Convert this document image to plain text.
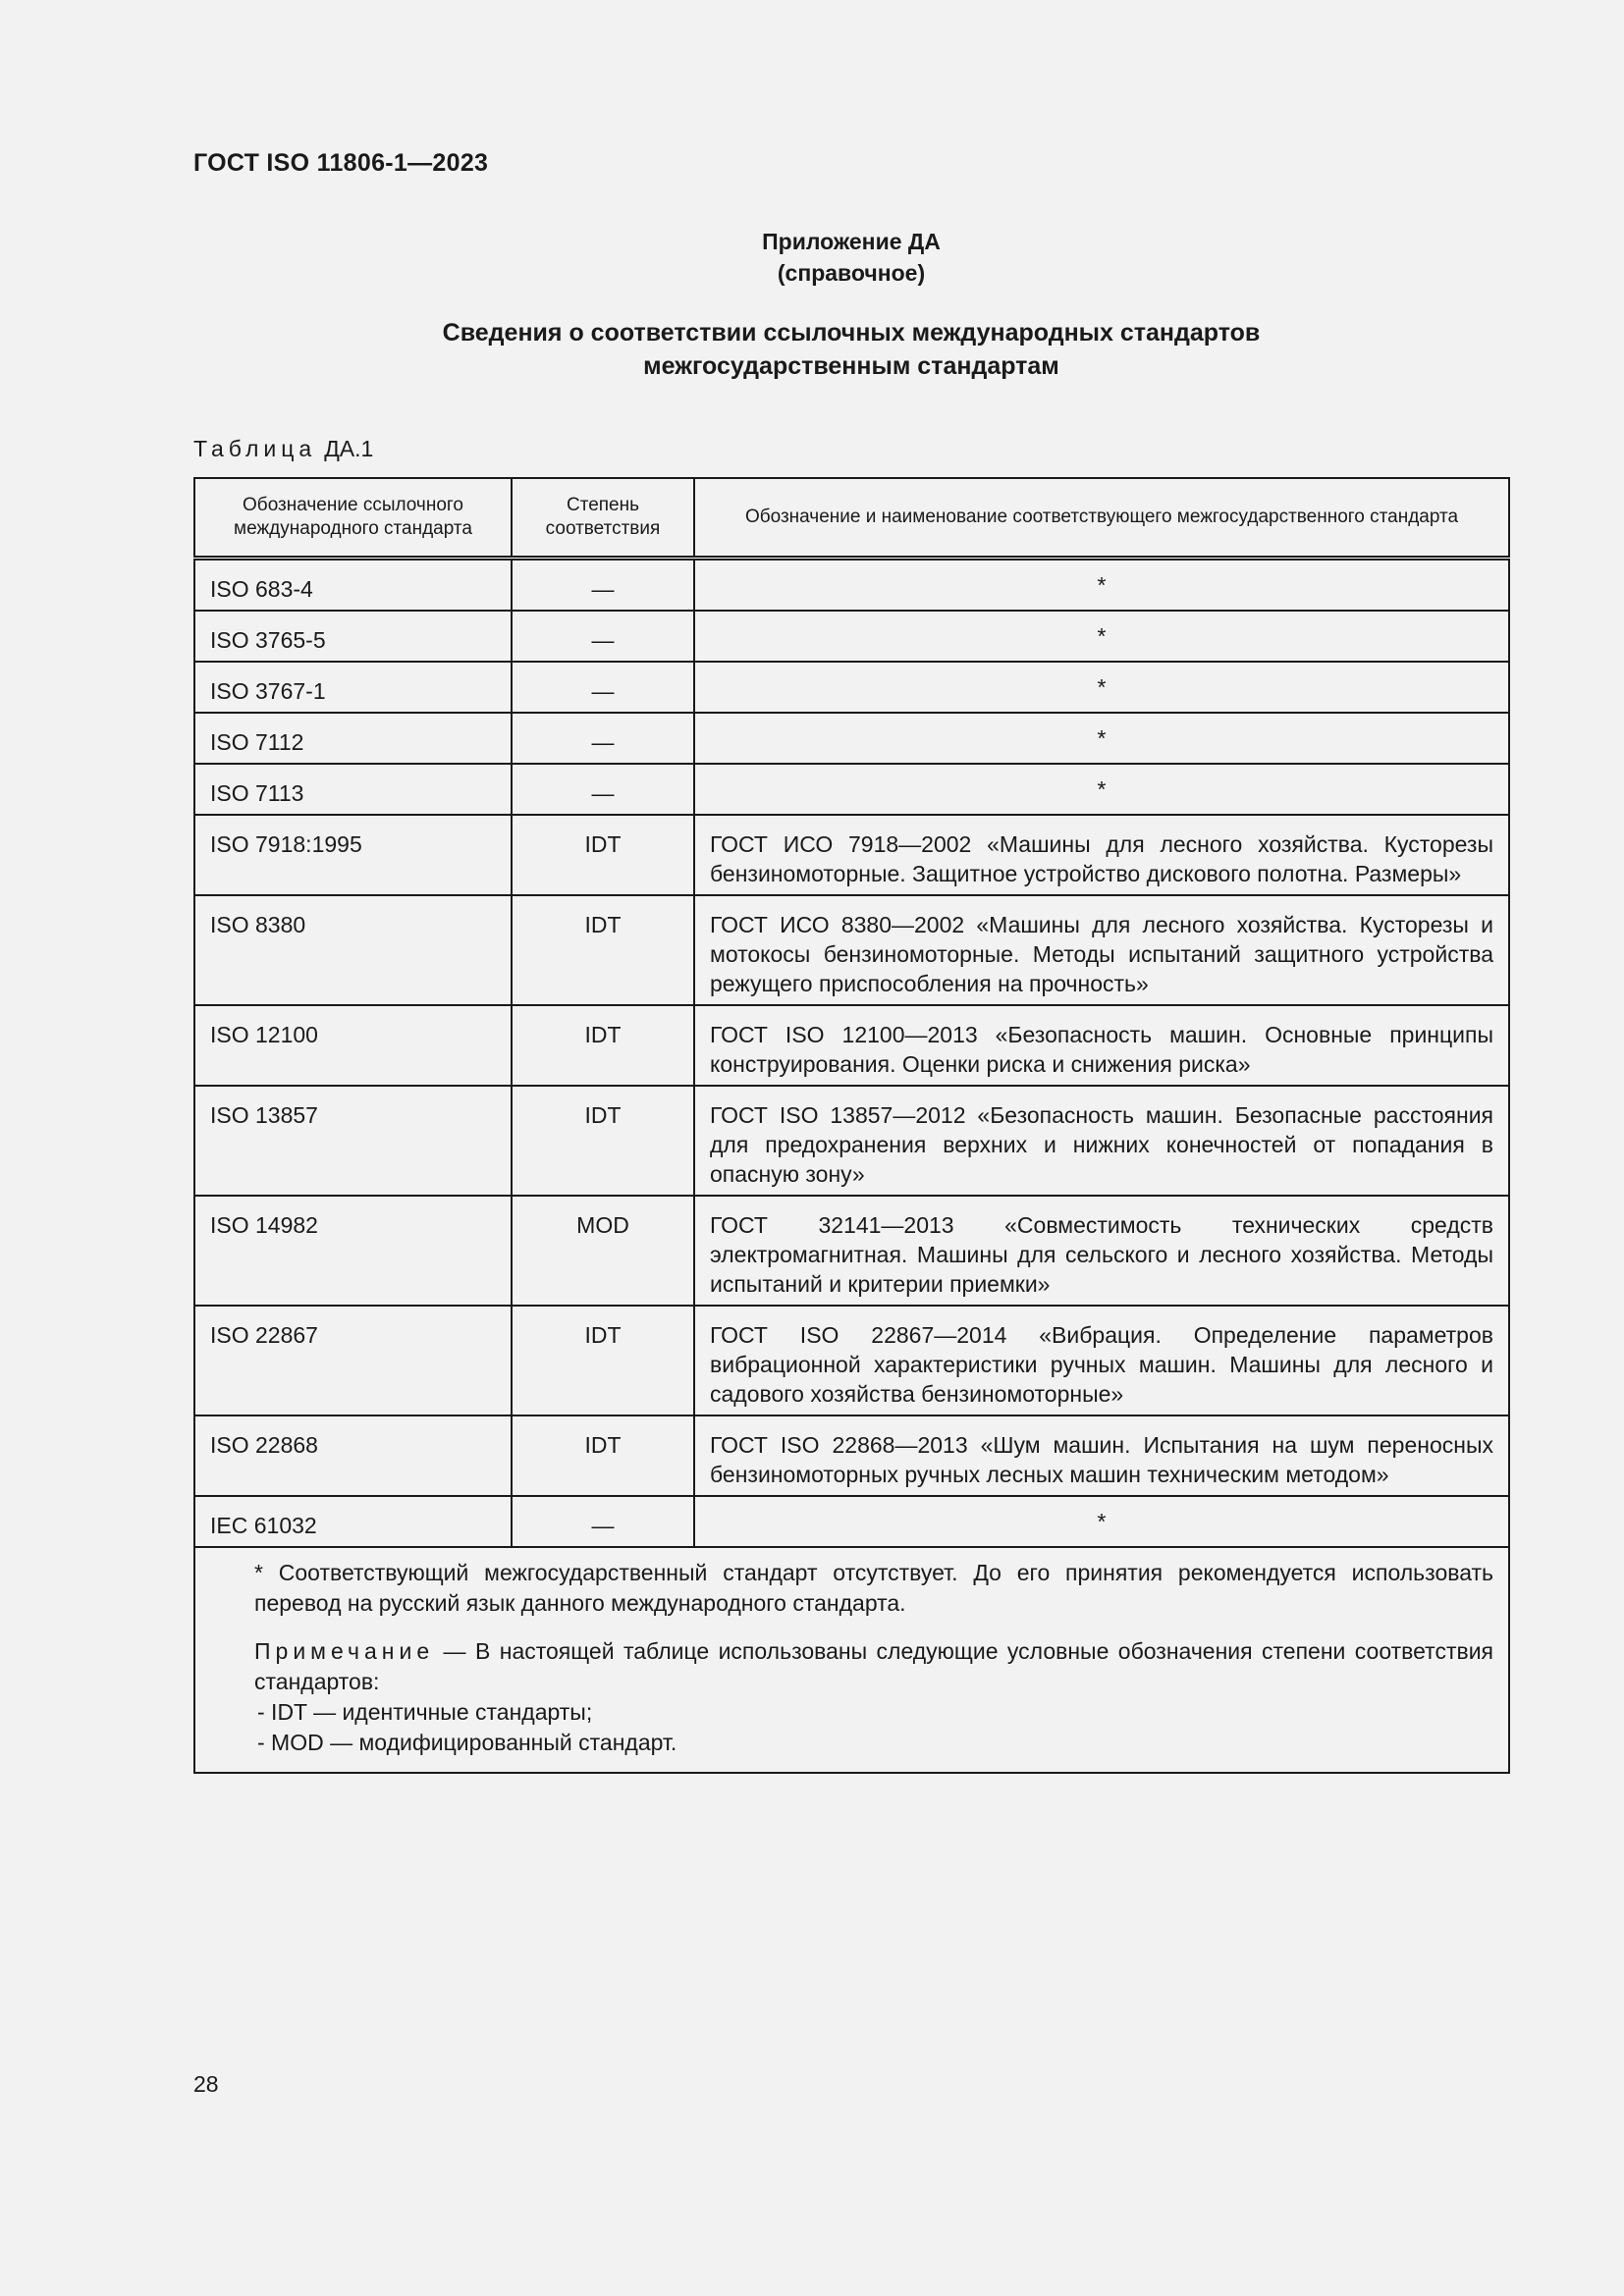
ГОСТ ISO 11806-1—2023
Приложение ДА
(справочное)
Сведения о соответствии ссылочных международных стандартов
межгосударственным стандартам
Таблица ДА.1
Обозначение ссылочного международного стандарта	Степень соответствия	Обозначение и наименование соответствующего межгосударственного стандарта
ISO 683-4	—	*
ISO 3765-5	—	*
ISO 3767-1	—	*
ISO 7112	—	*
ISO 7113	—	*
ISO 7918:1995	IDT	ГОСТ ИСО 7918—2002 «Машины для лесного хозяйства. Кусторезы бензиномоторные. Защитное устройство дискового полотна. Размеры»
ISO 8380	IDT	ГОСТ ИСО 8380—2002 «Машины для лесного хозяйства. Кусторезы и мотокосы бензиномоторные. Методы испытаний защитного устройства режущего приспособления на прочность»
ISO 12100	IDT	ГОСТ ISO 12100—2013 «Безопасность машин. Основные принципы конструирования. Оценки риска и снижения риска»
ISO 13857	IDT	ГОСТ ISO 13857—2012 «Безопасность машин. Безопасные расстояния для предохранения верхних и нижних конечностей от попадания в опасную зону»
ISO 14982	MOD	ГОСТ 32141—2013 «Совместимость технических средств электромагнитная. Машины для сельского и лесного хозяйства. Методы испытаний и критерии приемки»
ISO 22867	IDT	ГОСТ ISO 22867—2014 «Вибрация. Определение параметров вибрационной характеристики ручных машин. Машины для лесного и садового хозяйства бензиномоторные»
ISO 22868	IDT	ГОСТ ISO 22868—2013 «Шум машин. Испытания на шум переносных бензиномоторных ручных лесных машин техническим методом»
IEC 61032	—	*

* Соответствующий межгосударственный стандарт отсутствует. До его принятия рекомендуется использовать перевод на русский язык данного международного стандарта.

Примечание — В настоящей таблице использованы следующие условные обозначения степени соответствия стандартов:

- IDT — идентичные стандарты;

- MOD — модифицированный стандарт.		

28
